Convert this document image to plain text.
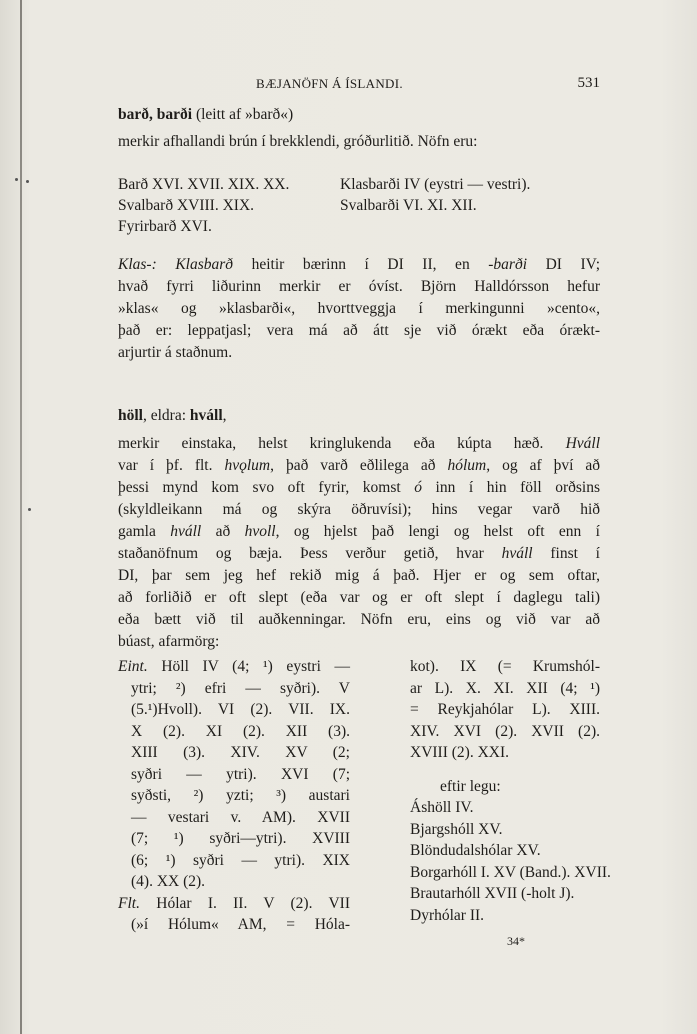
BÆJANÖFN Á ÍSLANDI.	531
barð, barði (leitt af »barð«)
merkir afhallandi brún í brekklendi, gróðurlitið. Nöfn eru:
Barð XVI. XVII. XIX. XX.
Svalbarð XVIII. XIX.
Fyrirbarð XVI.
Klasbarði IV (eystri — vestri).
Svalbarði VI. XI. XII.
Klas-: Klasbarð heitir bærinn í DI II, en -barði DI IV;
hvað fyrri liðurinn merkir er óvíst. Björn Halldórsson hefur
»klas« og »klasbarði«, hvorttveggja í merkingunni »cento«,
það er: leppatjasl; vera má að átt sje við órækt eða órækt-
arjurtir á staðnum.
höll, eldra: hváll,
merkir einstaka, helst kringlukenda eða kúpta hæð. Hváll
var í þf. flt. hvǫlum, það varð eðlilega að hólum, og af því að
þessi mynd kom svo oft fyrir, komst ó inn í hin föll orðsins
(skyldleikann má og skýra öðruvísi); hins vegar varð hið
gamla hváll að hvoll, og hjelst það lengi og helst oft enn í
staðanöfnum og bæja. Þess verður getið, hvar hváll finst í
DI, þar sem jeg hef rekið mig á það. Hjer er og sem oftar,
að forliðið er oft slept (eða var og er oft slept í daglegu tali)
eða bætt við til auðkenningar. Nöfn eru, eins og við var að
búast, afarmörg:
Eint. Höll IV (4; ¹) eystri —
ytri; ²) efri — syðri). V
(5.¹)Hvoll). VI (2). VII. IX.
X (2). XI (2). XII (3).
XIII (3). XIV. XV (2;
syðri — ytri). XVI (7;
syðsti, ²) yzti; ³) austari
— vestari v. AM). XVII
(7; ¹) syðri—ytri). XVIII
(6; ¹) syðri — ytri). XIX
(4). XX (2).
Flt. Hólar I. II. V (2). VII
(»í Hólum« AM, = Hóla-
kot). IX (= Krumshól-
ar L). X. XI. XII (4; ¹)
= Reykjahólar L). XIII.
XIV. XVI (2). XVII (2).
XVIII (2). XXI.
eftir legu:
Áshöll IV.
Bjargshóll XV.
Blöndudalshólar XV.
Borgarhóll I. XV (Band.). XVII.
Brautarhóll XVII (-holt J).
Dyrhólar II.
34*
